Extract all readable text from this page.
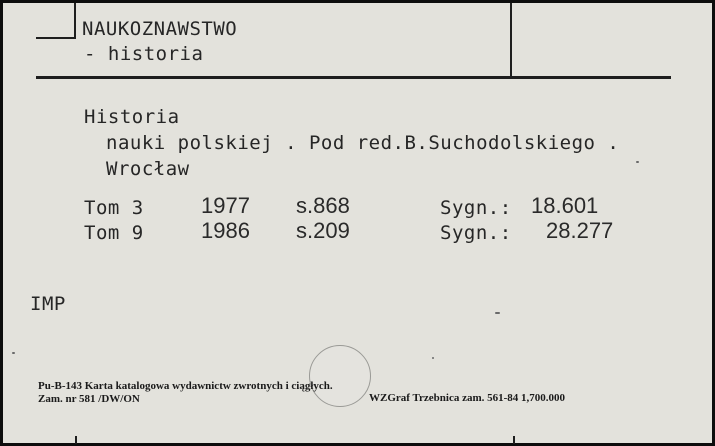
NAUKOZNAWSTWO
- historia
Historia
nauki polskiej . Pod red.B.Suchodolskiego .
Wrocław
Tom 3	1977 s.868	Sygn.: 18.601
Tom 9	1986 s.209	Sygn.: 28.277
IMP
Pu-B-143 Karta katalogowa wydawnictw zwrotnych i ciągłych.
Zam. nr 581 /DW/ON	WZGraf Trzebnica zam. 561-84 1,700.000
